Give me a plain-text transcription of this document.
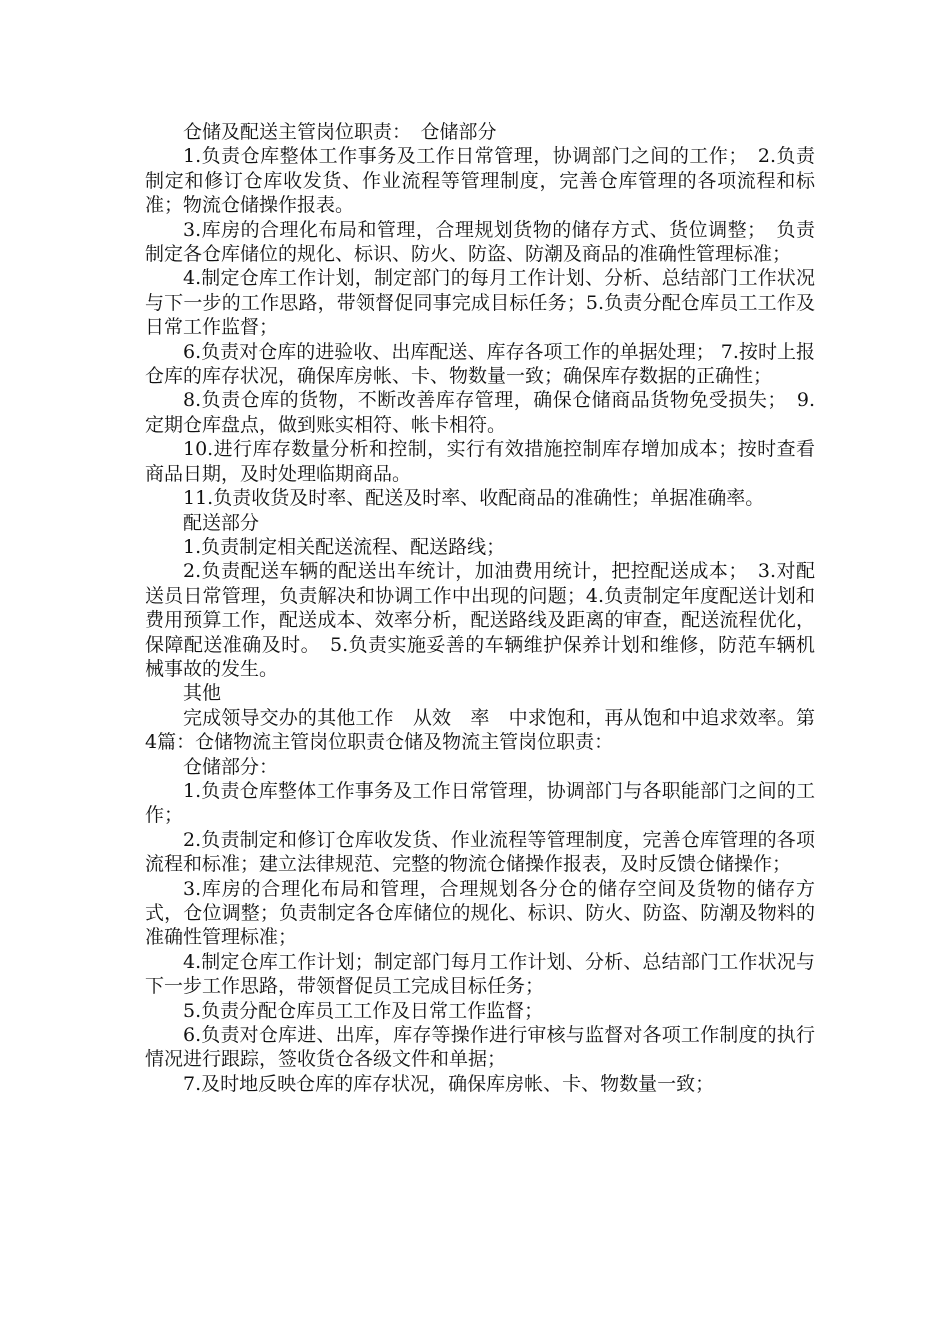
仓储及配送主管岗位职责：　仓储部分

1.负责仓库整体工作事务及工作日常管理，协调部门之间的工作；　2.负责制定和修订仓库收发货、作业流程等管理制度，完善仓库管理的各项流程和标准；物流仓储操作报表。

3.库房的合理化布局和管理，合理规划货物的储存方式、货位调整；　负责制定各仓库储位的规化、标识、防火、防盗、防潮及商品的准确性管理标准；

4.制定仓库工作计划，制定部门的每月工作计划、分析、总结部门工作状况与下一步的工作思路，带领督促同事完成目标任务；5.负责分配仓库员工工作及日常工作监督；

6.负责对仓库的进验收、出库配送、库存各项工作的单据处理； 7.按时上报仓库的库存状况，确保库房帐、卡、物数量一致；确保库存数据的正确性；

8.负责仓库的货物，不断改善库存管理，确保仓储商品货物免受损失；　9.定期仓库盘点，做到账实相符、帐卡相符。

10.进行库存数量分析和控制，实行有效措施控制库存增加成本；按时查看商品日期，及时处理临期商品。

11.负责收货及时率、配送及时率、收配商品的准确性；单据准确率。

配送部分

1.负责制定相关配送流程、配送路线；

2.负责配送车辆的配送出车统计，加油费用统计，把控配送成本；　3.对配送员日常管理，负责解决和协调工作中出现的问题；4.负责制定年度配送计划和费用预算工作，配送成本、效率分析，配送路线及距离的审查，配送流程优化，保障配送准确及时。　5.负责实施妥善的车辆维护保养计划和维修，防范车辆机械事故的发生。

其他

完成领导交办的其他工作　从效　率　中求饱和，再从饱和中追求效率。第4篇：仓储物流主管岗位职责仓储及物流主管岗位职责：

仓储部分：

1.负责仓库整体工作事务及工作日常管理，协调部门与各职能部门之间的工作；

2.负责制定和修订仓库收发货、作业流程等管理制度，完善仓库管理的各项流程和标准；建立法律规范、完整的物流仓储操作报表，及时反馈仓储操作；

3.库房的合理化布局和管理，合理规划各分仓的储存空间及货物的储存方式，仓位调整；负责制定各仓库储位的规化、标识、防火、防盗、防潮及物料的准确性管理标准；

4.制定仓库工作计划；制定部门每月工作计划、分析、总结部门工作状况与下一步工作思路，带领督促员工完成目标任务；

5.负责分配仓库员工工作及日常工作监督；

6.负责对仓库进、出库，库存等操作进行审核与监督对各项工作制度的执行情况进行跟踪，签收货仓各级文件和单据；

7.及时地反映仓库的库存状况，确保库房帐、卡、物数量一致；
